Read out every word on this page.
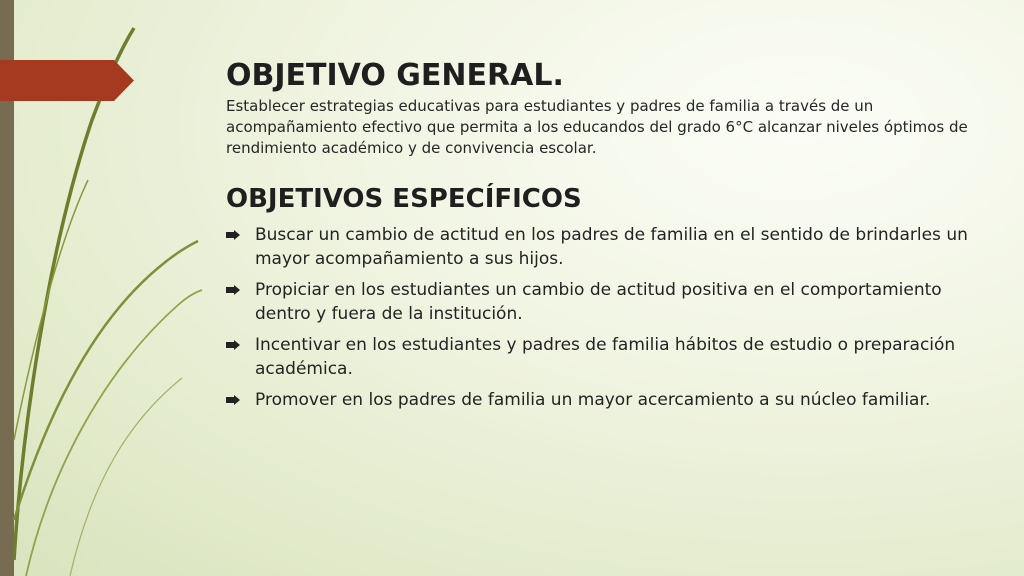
OBJETIVO GENERAL.

Establecer estrategias educativas para estudiantes y padres de familia a través de un acompañamiento efectivo que permita a los educandos del grado 6°C alcanzar niveles óptimos de rendimiento académico y de convivencia escolar.

OBJETIVOS ESPECÍFICOS
Buscar un cambio de actitud en los padres de familia en el sentido de brindarles un mayor acompañamiento a sus hijos.
Propiciar en los estudiantes un cambio de actitud positiva en el comportamiento dentro y fuera de la institución.
Incentivar en los estudiantes y padres de familia hábitos de estudio o preparación académica.
Promover en los padres de familia un mayor acercamiento a su núcleo familiar.
